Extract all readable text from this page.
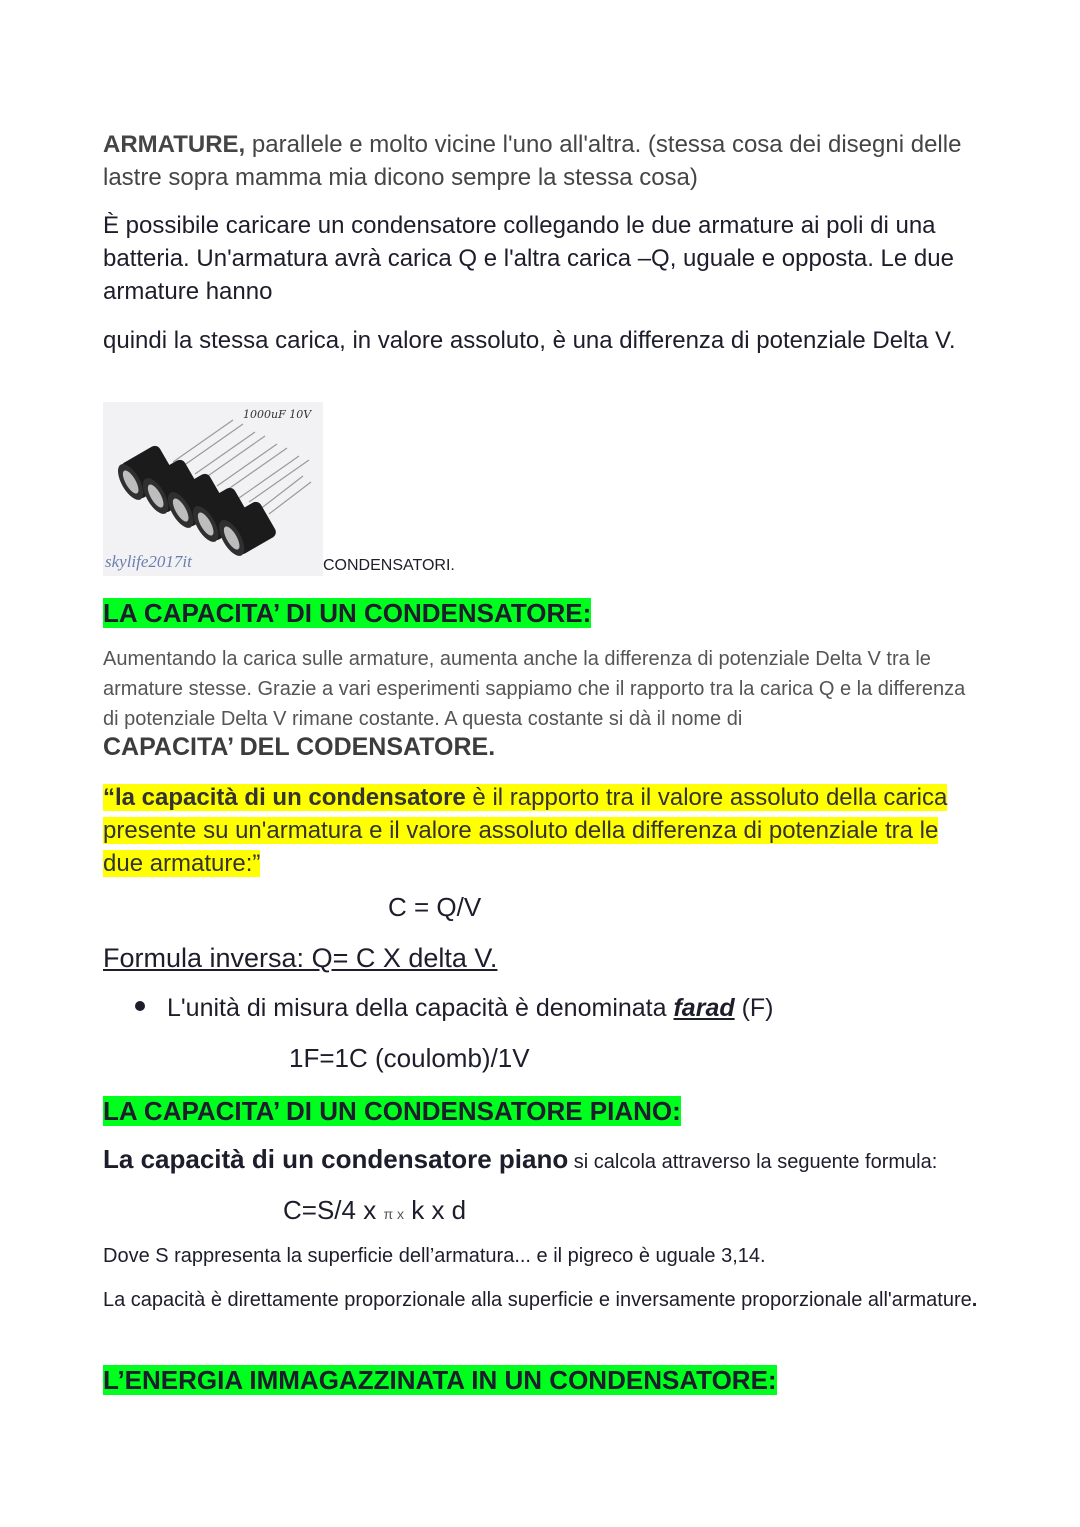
ARMATURE, parallele e molto vicine l'uno all'altra. (stessa cosa dei disegni delle lastre sopra mamma mia dicono sempre la stessa cosa)

È possibile caricare un condensatore collegando le due armature ai poli di una batteria. Un'armatura avrà carica Q e l'altra carica –Q, uguale e opposta. Le due armature hanno

quindi la stessa carica, in valore assoluto, è una differenza di potenziale Delta V.

1000uF 10V
skylife2017it	CONDENSATORI.
LA CAPACITA’ DI UN CONDENSATORE:

Aumentando la carica sulle armature, aumenta anche la differenza di potenziale Delta V tra le armature stesse. Grazie a vari esperimenti sappiamo che il rapporto tra la carica Q e la differenza di potenziale Delta V rimane costante. A questa costante si dà il nome di

CAPACITA’ DEL CODENSATORE.

“la capacità di un condensatore è il rapporto tra il valore assoluto della carica presente su un'armatura e il valore assoluto della differenza di potenziale tra le due armature:”

C = Q/V
Formula inversa: Q= C X delta V.
L'unità di misura della capacità è denominata farad (F)
1F=1C (coulomb)/1V
LA CAPACITA’ DI UN CONDENSATORE PIANO:
La capacità di un condensatore piano si calcola attraverso la seguente formula:
C=S/4 x π x k x d

Dove S rappresenta la superficie dell’armatura... e il pigreco è uguale 3,14.

La capacità è direttamente proporzionale alla superficie e inversamente proporzionale all'armature.

L’ENERGIA IMMAGAZZINATA IN UN CONDENSATORE:
